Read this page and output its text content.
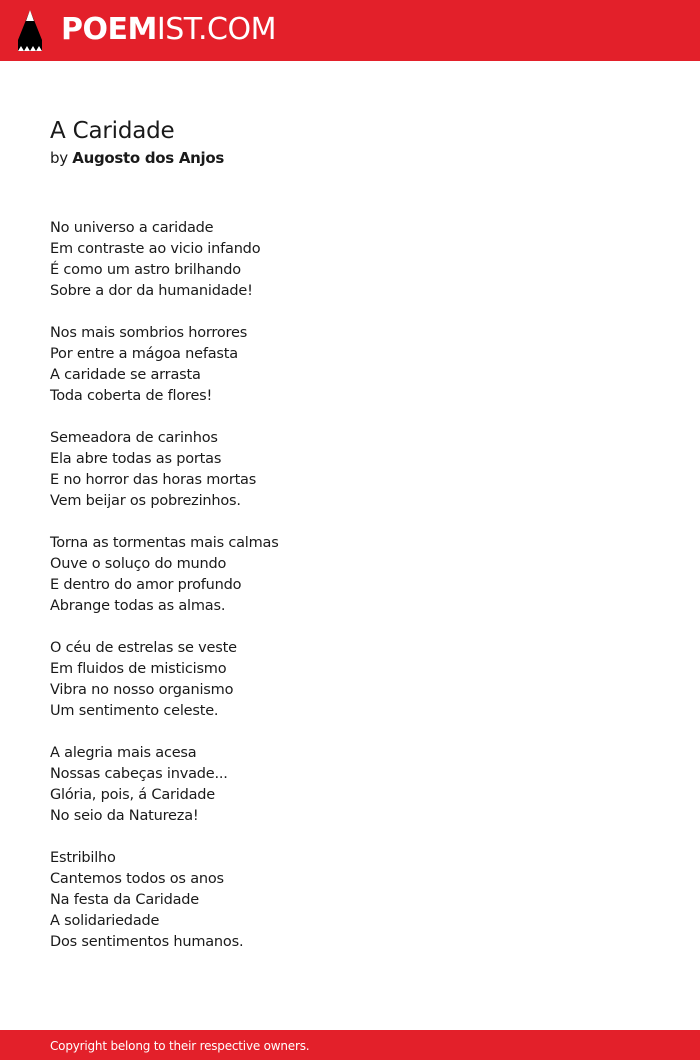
POEMIST.COM
A Caridade
by Augosto dos Anjos
No universo a caridade
Em contraste ao vicio infando
É como um astro brilhando
Sobre a dor da humanidade!
Nos mais sombrios horrores
Por entre a mágoa nefasta
A caridade se arrasta
Toda coberta de flores!
Semeadora de carinhos
Ela abre todas as portas
E no horror das horas mortas
Vem beijar os pobrezinhos.
Torna as tormentas mais calmas
Ouve o soluço do mundo
E dentro do amor profundo
Abrange todas as almas.
O céu de estrelas se veste
Em fluidos de misticismo
Vibra no nosso organismo
Um sentimento celeste.
A alegria mais acesa
Nossas cabeças invade...
Glória, pois, á Caridade
No seio da Natureza!
Estribilho
Cantemos todos os anos
Na festa da Caridade
A solidariedade
Dos sentimentos humanos.
Copyright belong to their respective owners.
